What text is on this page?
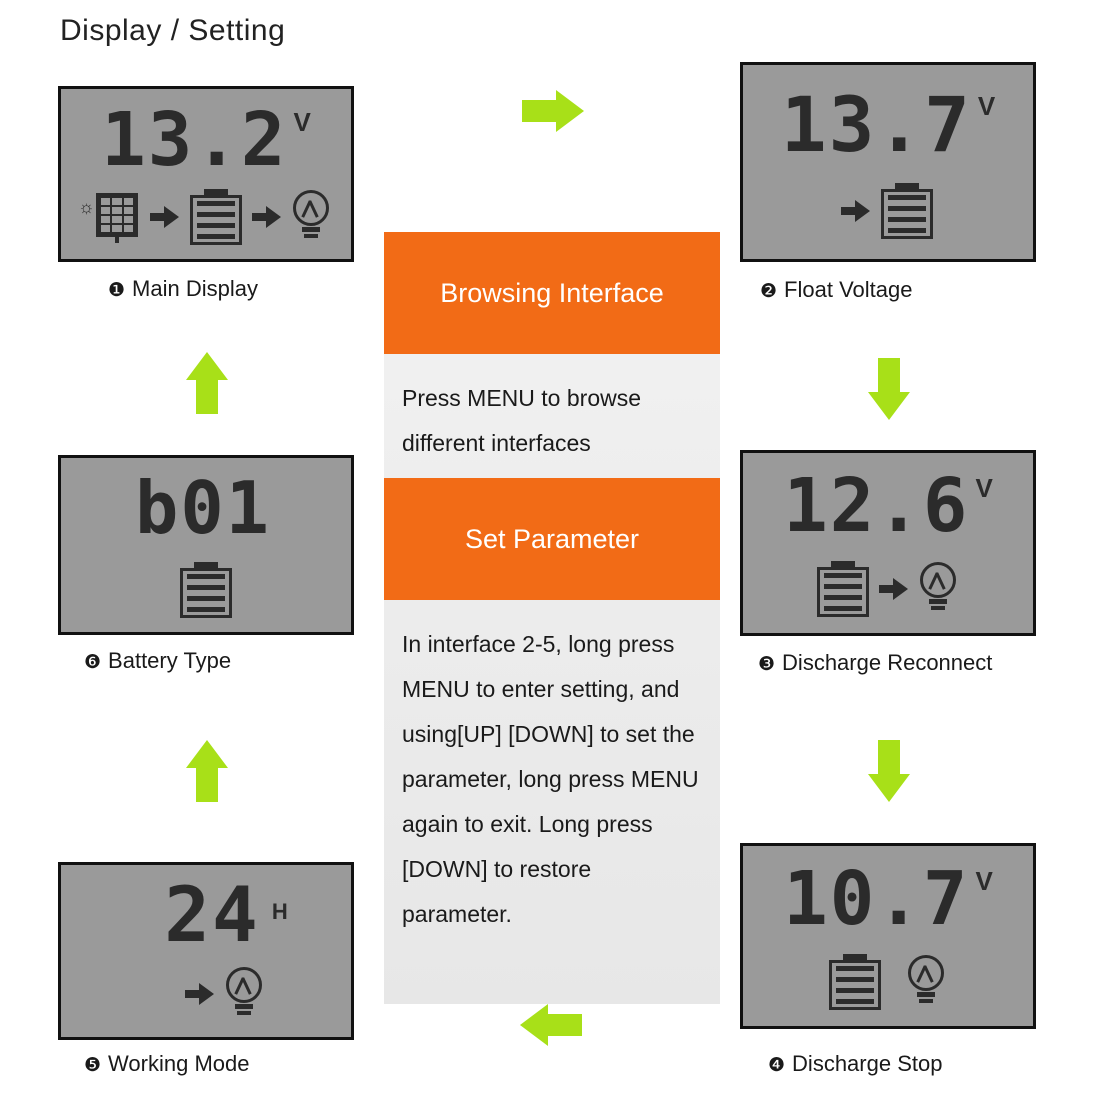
Display / Setting
13.2 V
☼
❶ Main Display
13.7 V
❷ Float Voltage
12.6 V
❸ Discharge Reconnect
10.7 V
❹ Discharge Stop
24 H
❺ Working Mode
b01
❻ Battery Type
Browsing Interface
Press MENU to browse different interfaces
Set Parameter
In interface 2-5, long press MENU to enter setting, and using[UP] [DOWN] to set the parameter, long press MENU again to exit. Long press [DOWN] to restore parameter.
